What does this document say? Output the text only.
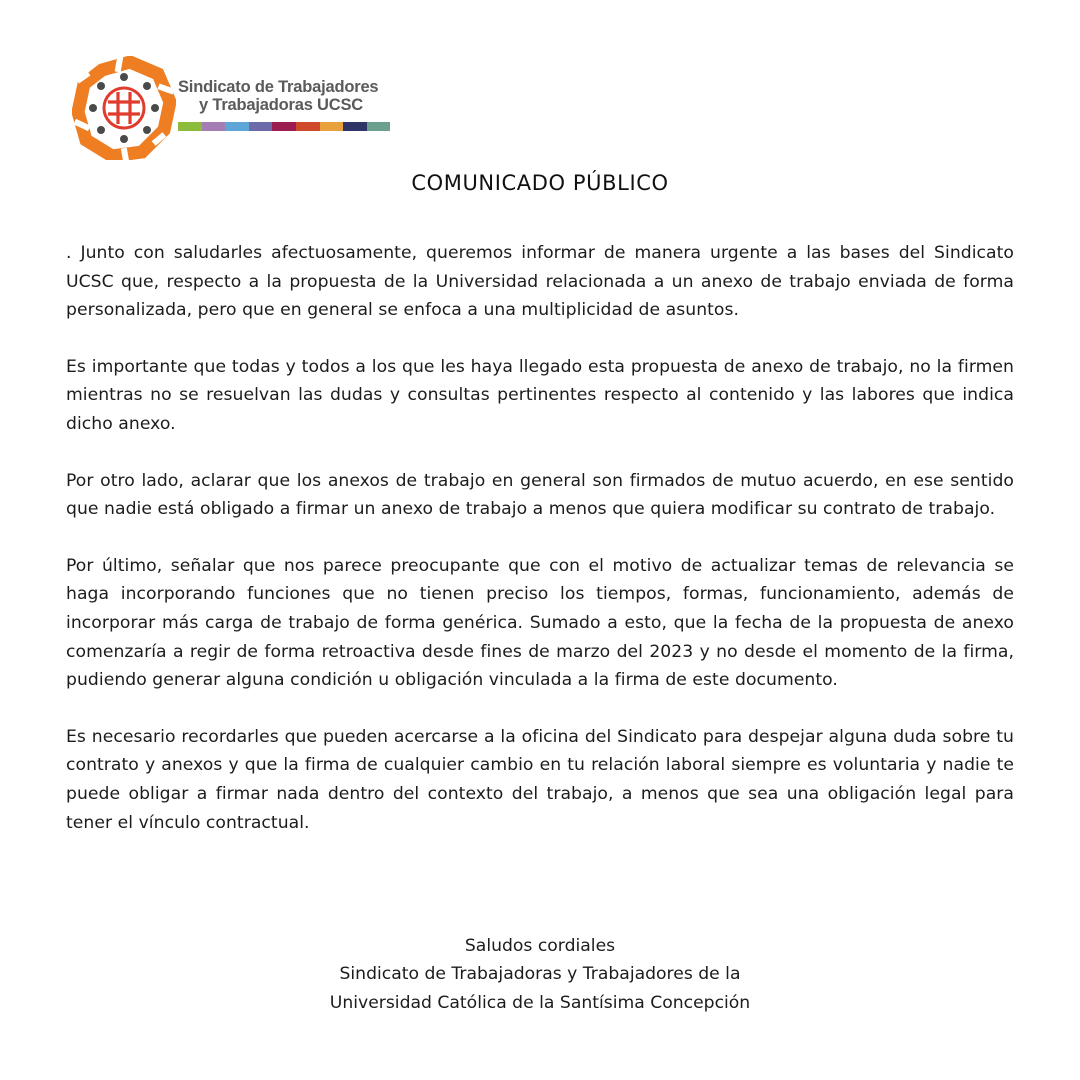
Sindicato de Trabajadores
y Trabajadoras UCSC
COMUNICADO PÚBLICO

. Junto con saludarles afectuosamente, queremos informar de manera urgente a las bases del Sindicato UCSC que, respecto a la propuesta de la Universidad relacionada a un anexo de trabajo enviada de forma personalizada, pero que en general se enfoca a una multiplicidad de asuntos.

Es importante que todas y todos a los que les haya llegado esta propuesta de anexo de trabajo, no la firmen mientras no se resuelvan las dudas y consultas pertinentes respecto al contenido y las labores que indica dicho anexo.

Por otro lado, aclarar que los anexos de trabajo en general son firmados de mutuo acuerdo, en ese sentido que nadie está obligado a firmar un anexo de trabajo a menos que quiera modificar su contrato de trabajo.

Por último, señalar que nos parece preocupante que con el motivo de actualizar temas de relevancia se haga incorporando funciones que no tienen preciso los tiempos, formas, funcionamiento, además de incorporar más carga de trabajo de forma genérica. Sumado a esto, que la fecha de la propuesta de anexo comenzaría a regir de forma retroactiva desde fines de marzo del 2023 y no desde el momento de la firma, pudiendo generar alguna condición u obligación vinculada a la firma de este documento.

Es necesario recordarles que pueden acercarse a la oficina del Sindicato para despejar alguna duda sobre tu contrato y anexos y que la firma de cualquier cambio en tu relación laboral siempre es voluntaria y nadie te puede obligar a firmar nada dentro del contexto del trabajo, a menos que sea una obligación legal para tener el vínculo contractual.

Saludos cordiales
Sindicato de Trabajadoras y Trabajadores de la
Universidad Católica de la Santísima Concepción
